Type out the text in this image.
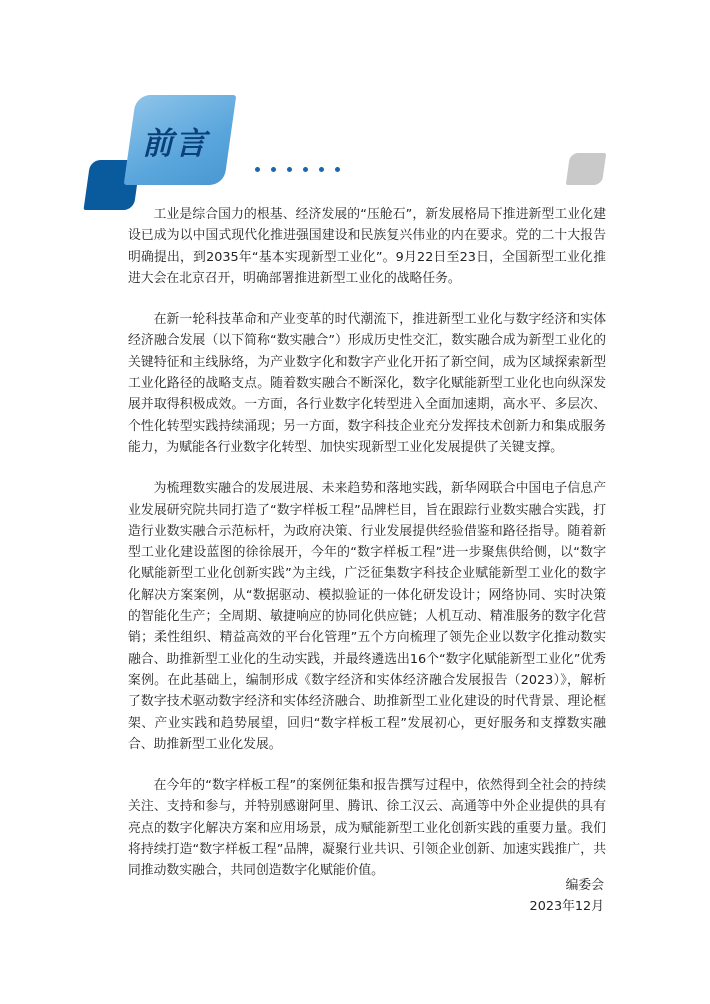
前言

工业是综合国力的根基、经济发展的“压舱石”，新发展格局下推进新型工业化建设已成为以中国式现代化推进强国建设和民族复兴伟业的内在要求。党的二十大报告明确提出，到2035年“基本实现新型工业化”。9月22日至23日，全国新型工业化推进大会在北京召开，明确部署推进新型工业化的战略任务。

在新一轮科技革命和产业变革的时代潮流下，推进新型工业化与数字经济和实体经济融合发展（以下简称“数实融合”）形成历史性交汇，数实融合成为新型工业化的关键特征和主线脉络，为产业数字化和数字产业化开拓了新空间，成为区域探索新型工业化路径的战略支点。随着数实融合不断深化，数字化赋能新型工业化也向纵深发展并取得积极成效。一方面，各行业数字化转型进入全面加速期，高水平、多层次、个性化转型实践持续涌现；另一方面，数字科技企业充分发挥技术创新力和集成服务能力，为赋能各行业数字化转型、加快实现新型工业化发展提供了关键支撑。

为梳理数实融合的发展进展、未来趋势和落地实践，新华网联合中国电子信息产业发展研究院共同打造了“数字样板工程”品牌栏目，旨在跟踪行业数实融合实践，打造行业数实融合示范标杆，为政府决策、行业发展提供经验借鉴和路径指导。随着新型工业化建设蓝图的徐徐展开，今年的“数字样板工程”进一步聚焦供给侧，以“数字化赋能新型工业化创新实践”为主线，广泛征集数字科技企业赋能新型工业化的数字化解决方案案例，从“数据驱动、模拟验证的一体化研发设计；网络协同、实时决策的智能化生产；全周期、敏捷响应的协同化供应链；人机互动、精准服务的数字化营销；柔性组织、精益高效的平台化管理”五个方向梳理了领先企业以数字化推动数实融合、助推新型工业化的生动实践，并最终遴选出16个“数字化赋能新型工业化”优秀案例。在此基础上，编制形成《数字经济和实体经济融合发展报告（2023）》，解析了数字技术驱动数字经济和实体经济融合、助推新型工业化建设的时代背景、理论框架、产业实践和趋势展望，回归“数字样板工程”发展初心，更好服务和支撑数实融合、助推新型工业化发展。

在今年的“数字样板工程”的案例征集和报告撰写过程中，依然得到全社会的持续关注、支持和参与，并特别感谢阿里、腾讯、徐工汉云、高通等中外企业提供的具有亮点的数字化解决方案和应用场景，成为赋能新型工业化创新实践的重要力量。我们将持续打造“数字样板工程”品牌，凝聚行业共识、引领企业创新、加速实践推广，共同推动数实融合，共同创造数字化赋能价值。

编委会
2023年12月
